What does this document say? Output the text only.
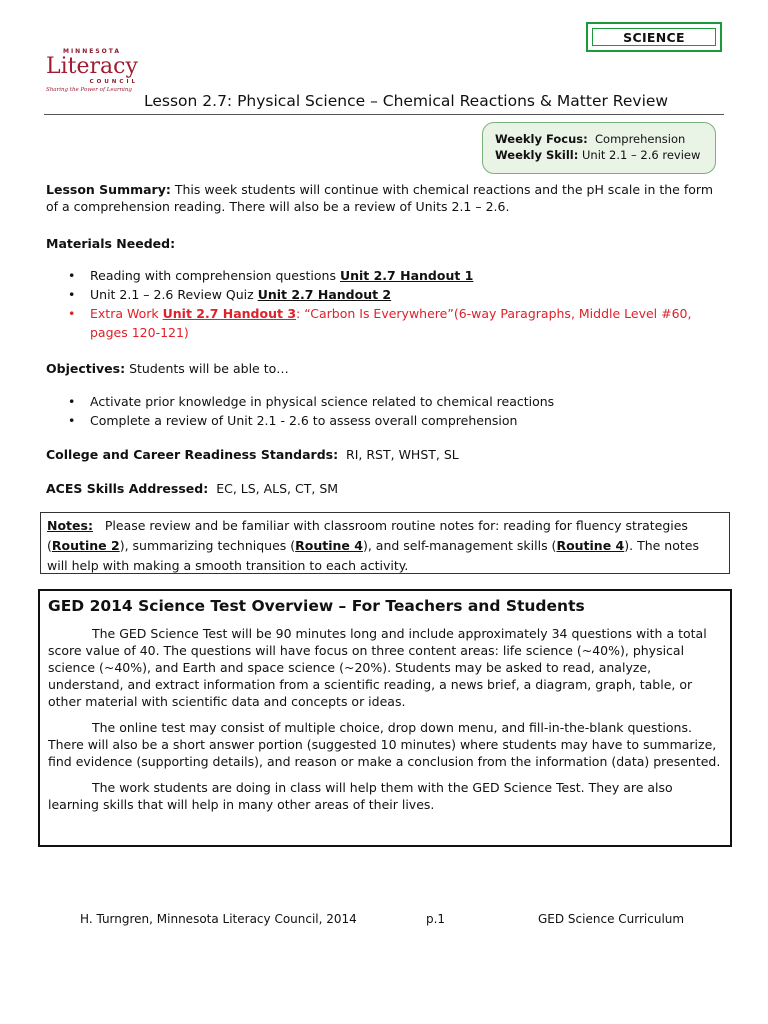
SCIENCE
MINNESOTA
Literacy
COUNCIL
Sharing the Power of Learning
Lesson 2.7: Physical Science – Chemical Reactions & Matter Review
Weekly Focus: Comprehension
Weekly Skill: Unit 2.1 – 2.6 review
Lesson Summary: This week students will continue with chemical reactions and the pH scale in the form of a comprehension reading. There will also be a review of Units 2.1 – 2.6.
Materials Needed:
• Reading with comprehension questions Unit 2.7 Handout 1
• Unit 2.1 – 2.6 Review Quiz Unit 2.7 Handout 2
• Extra Work Unit 2.7 Handout 3: “Carbon Is Everywhere”(6-way Paragraphs, Middle Level #60, pages 120-121)
Objectives: Students will be able to…
• Activate prior knowledge in physical science related to chemical reactions
• Complete a review of Unit 2.1 - 2.6 to assess overall comprehension
College and Career Readiness Standards: RI, RST, WHST, SL
ACES Skills Addressed: EC, LS, ALS, CT, SM
Notes:   Please review and be familiar with classroom routine notes for: reading for fluency strategies (Routine 2), summarizing techniques (Routine 4), and self-management skills (Routine 4). The notes will help with making a smooth transition to each activity.
GED 2014 Science Test Overview – For Teachers and Students

The GED Science Test will be 90 minutes long and include approximately 34 questions with a total score value of 40. The questions will have focus on three content areas: life science (~40%), physical science (~40%), and Earth and space science (~20%). Students may be asked to read, analyze, understand, and extract information from a scientific reading, a news brief, a diagram, graph, table, or other material with scientific data and concepts or ideas.

The online test may consist of multiple choice, drop down menu, and fill-in-the-blank questions. There will also be a short answer portion (suggested 10 minutes) where students may have to summarize, find evidence (supporting details), and reason or make a conclusion from the information (data) presented.

The work students are doing in class will help them with the GED Science Test. They are also learning skills that will help in many other areas of their lives.

H. Turngren, Minnesota Literacy Council, 2014	p.1	GED Science Curriculum
